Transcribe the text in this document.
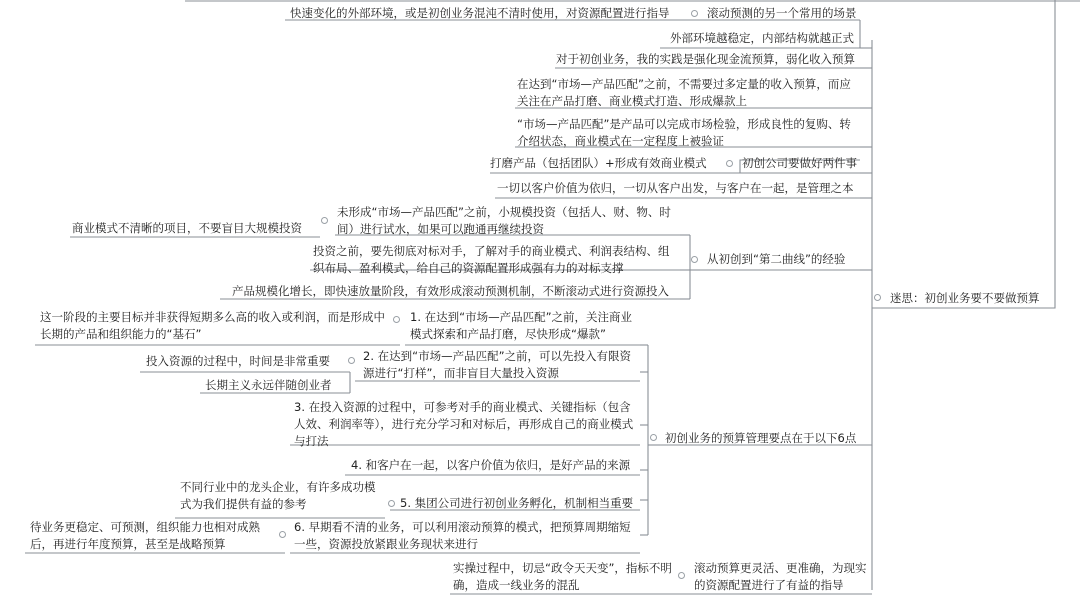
快速变化的外部环境，或是初创业务混沌不清时使用，对资源配置进行指导	滚动预测的另一个常用的场景
外部环境越稳定，内部结构就越正式
对于初创业务，我的实践是强化现金流预算，弱化收入预算
在达到“市场—产品匹配”之前，不需要过多定量的收入预算，而应关注在产品打磨、商业模式打造、形成爆款上
“市场—产品匹配”是产品可以完成市场检验，形成良性的复购、转介绍状态，商业模式在一定程度上被验证
打磨产品（包括团队）+形成有效商业模式	初创公司要做好两件事
一切以客户价值为依归，一切从客户出发，与客户在一起，是管理之本
商业模式不清晰的项目，不要盲目大规模投资
未形成“市场—产品匹配”之前，小规模投资（包括人、财、物、时间）进行试水，如果可以跑通再继续投资
投资之前，要先彻底对标对手，了解对手的商业模式、利润表结构、组织布局、盈利模式，给自己的资源配置形成强有力的对标支撑
从初创到“第二曲线”的经验
产品规模化增长，即快速放量阶段，有效形成滚动预测机制，不断滚动式进行资源投入	迷思：初创业务要不要做预算
这一阶段的主要目标并非获得短期多么高的收入或利润，而是形成中长期的产品和组织能力的“基石”
1. 在达到“市场—产品匹配”之前，关注商业模式探索和产品打磨，尽快形成“爆款”
投入资源的过程中，时间是非常重要
长期主义永远伴随创业者
2. 在达到“市场—产品匹配”之前，可以先投入有限资源进行“打样”，而非盲目大量投入资源
3. 在投入资源的过程中，可参考对手的商业模式、关键指标（包含人效、利润率等），进行充分学习和对标后，再形成自己的商业模式与打法	初创业务的预算管理要点在于以下6点
4. 和客户在一起，以客户价值为依归，是好产品的来源
不同行业中的龙头企业，有许多成功模式为我们提供有益的参考	5. 集团公司进行初创业务孵化，机制相当重要
待业务更稳定、可预测，组织能力也相对成熟后，再进行年度预算，甚至是战略预算
6. 早期看不清的业务，可以利用滚动预算的模式，把预算周期缩短一些，资源投放紧跟业务现状来进行
实操过程中，切忌“政令天天变”，指标不明确，造成一线业务的混乱
滚动预算更灵活、更准确，为现实的资源配置进行了有益的指导
